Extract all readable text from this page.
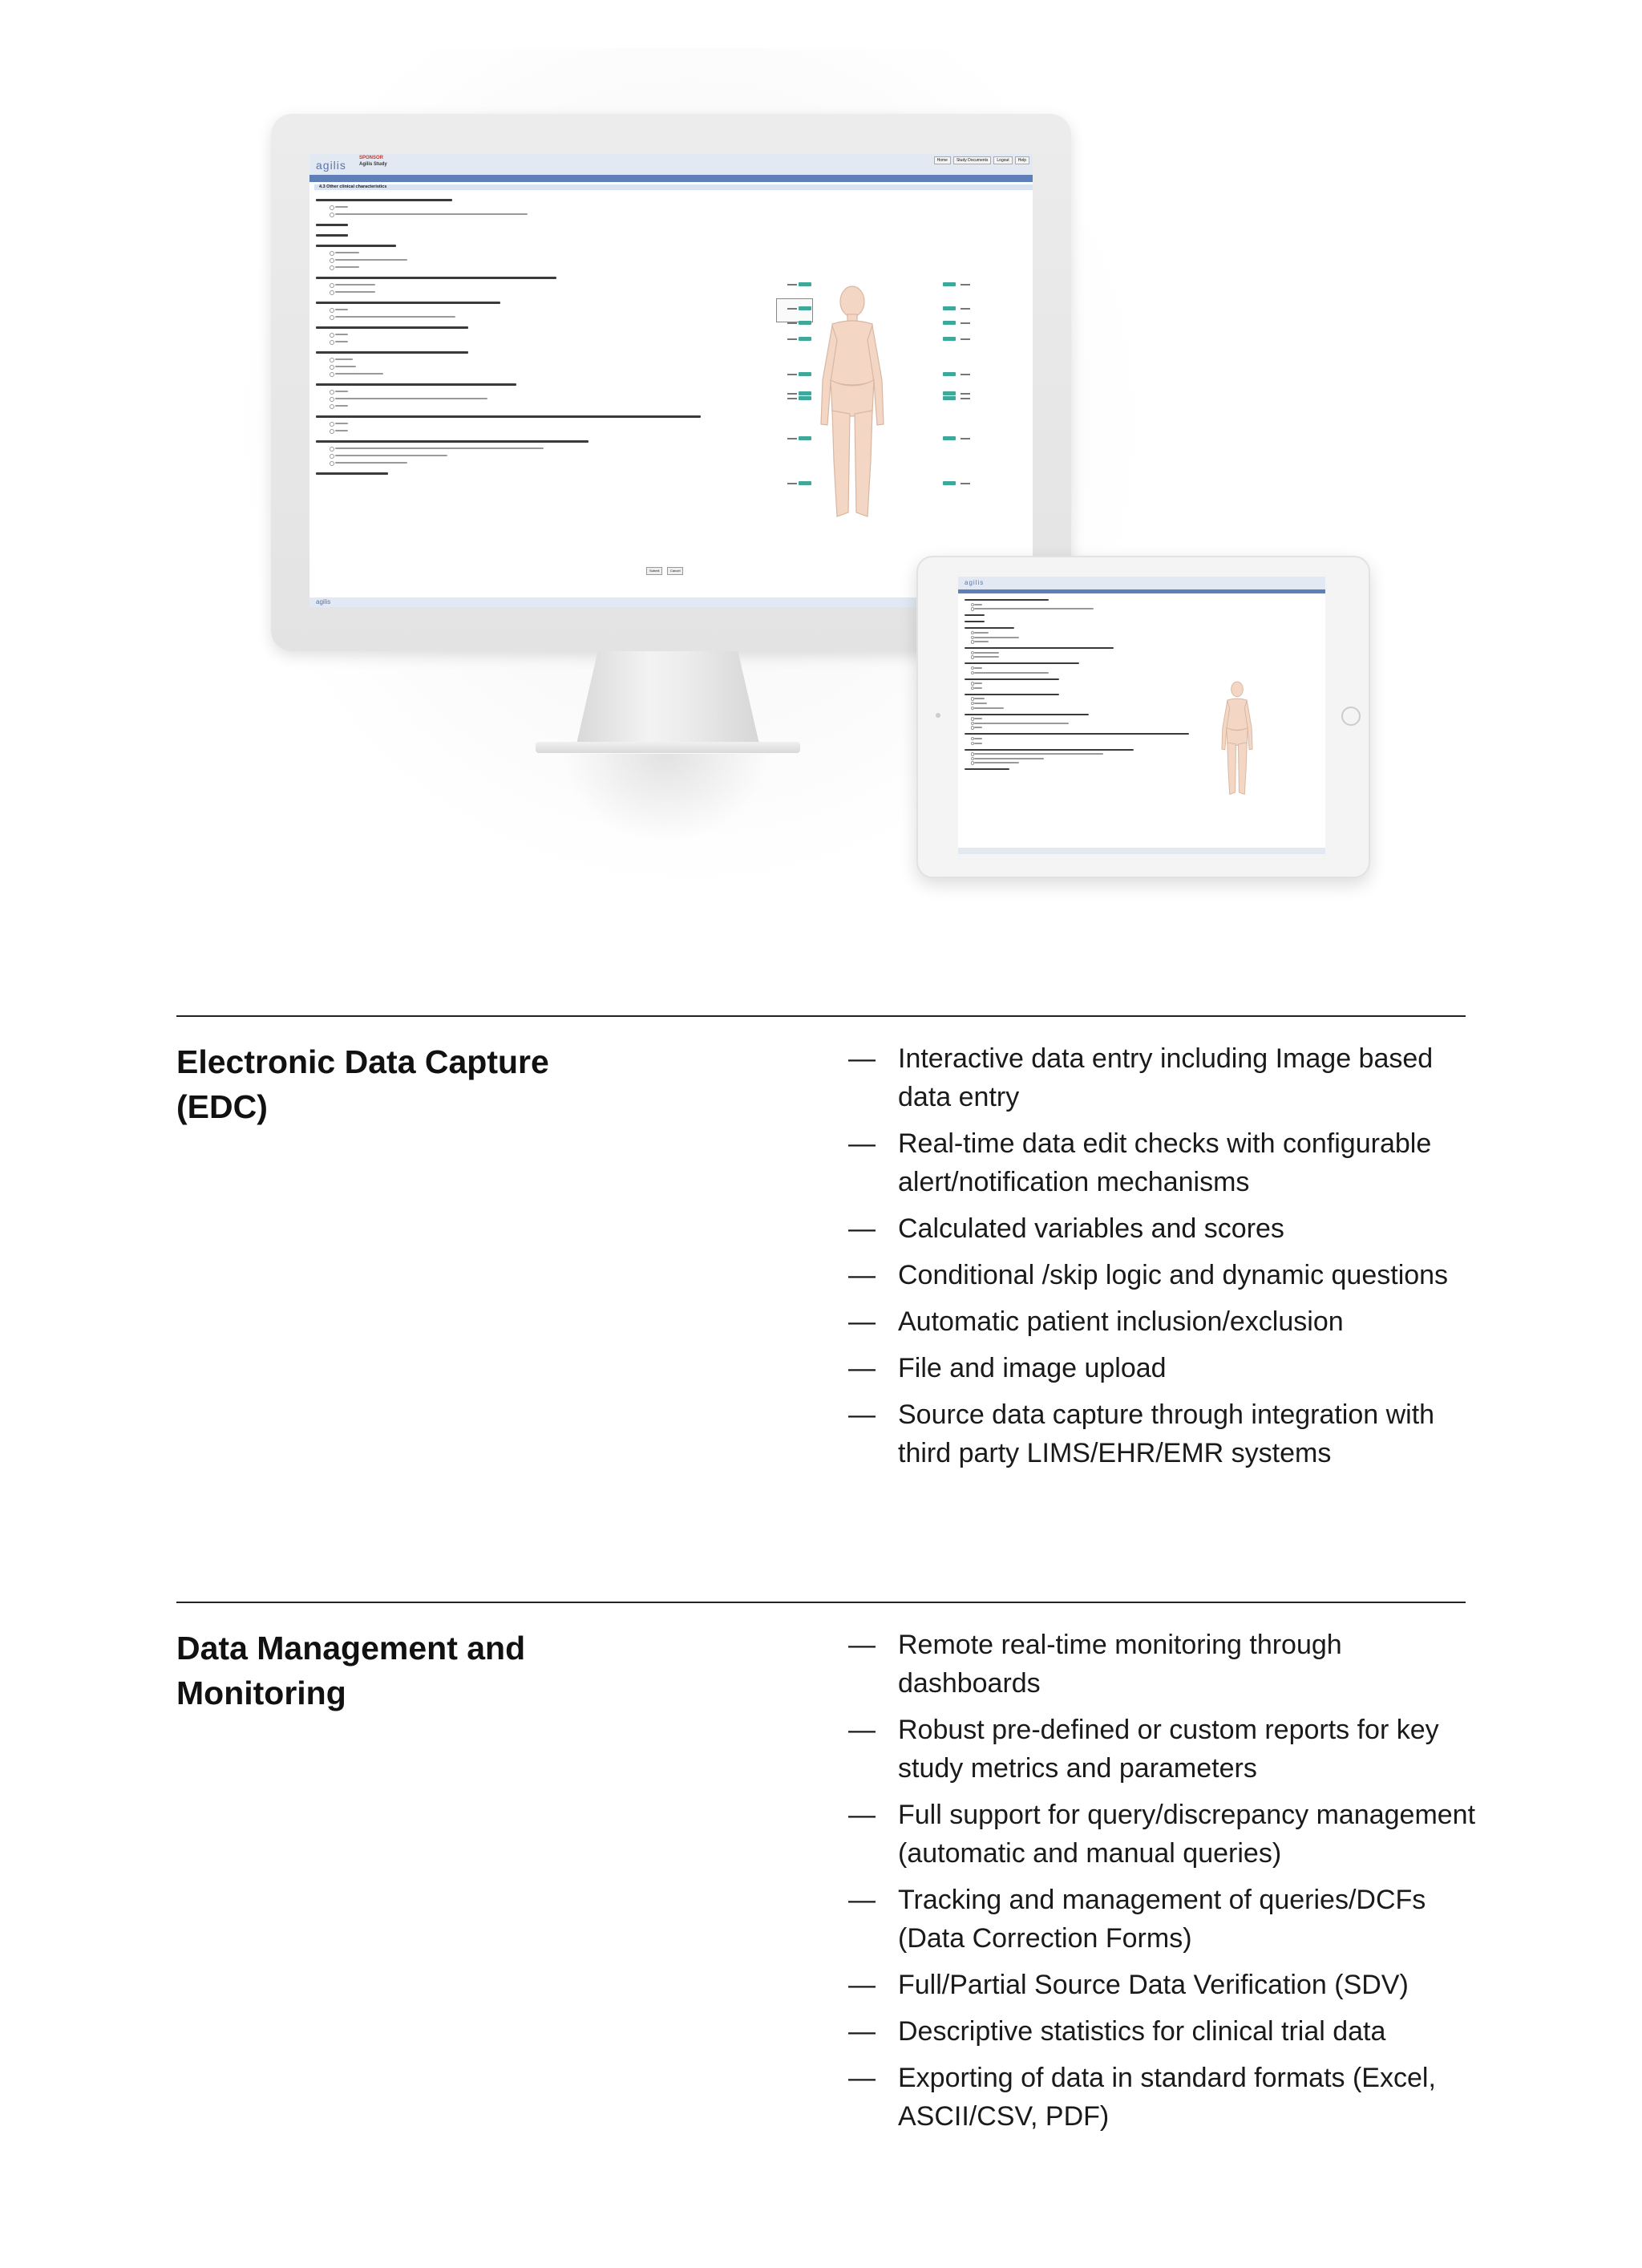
agilis
SPONSOR
Agilis Study
Home	Study Documents	Logout	Help
4.3 Other clinical characteristics
Submit	Cancel
agilis
agilis
Electronic Data Capture (EDC)
— Interactive data entry including Image based data entry
— Real-time data edit checks with configurable alert/notification mechanisms
— Calculated variables and scores
— Conditional /skip logic and dynamic questions
— Automatic patient inclusion/exclusion
— File and image upload
— Source data capture through integration with third party LIMS/EHR/EMR systems
Data Management and Monitoring
— Remote real-time monitoring through dashboards
— Robust pre-defined or custom reports for key study metrics and parameters
— Full support for query/discrepancy management (automatic and manual queries)
— Tracking and management of queries/DCFs (Data Correction Forms)
— Full/Partial Source Data Verification (SDV)
— Descriptive statistics for clinical trial data
— Exporting of data in standard formats (Excel, ASCII/CSV, PDF)
